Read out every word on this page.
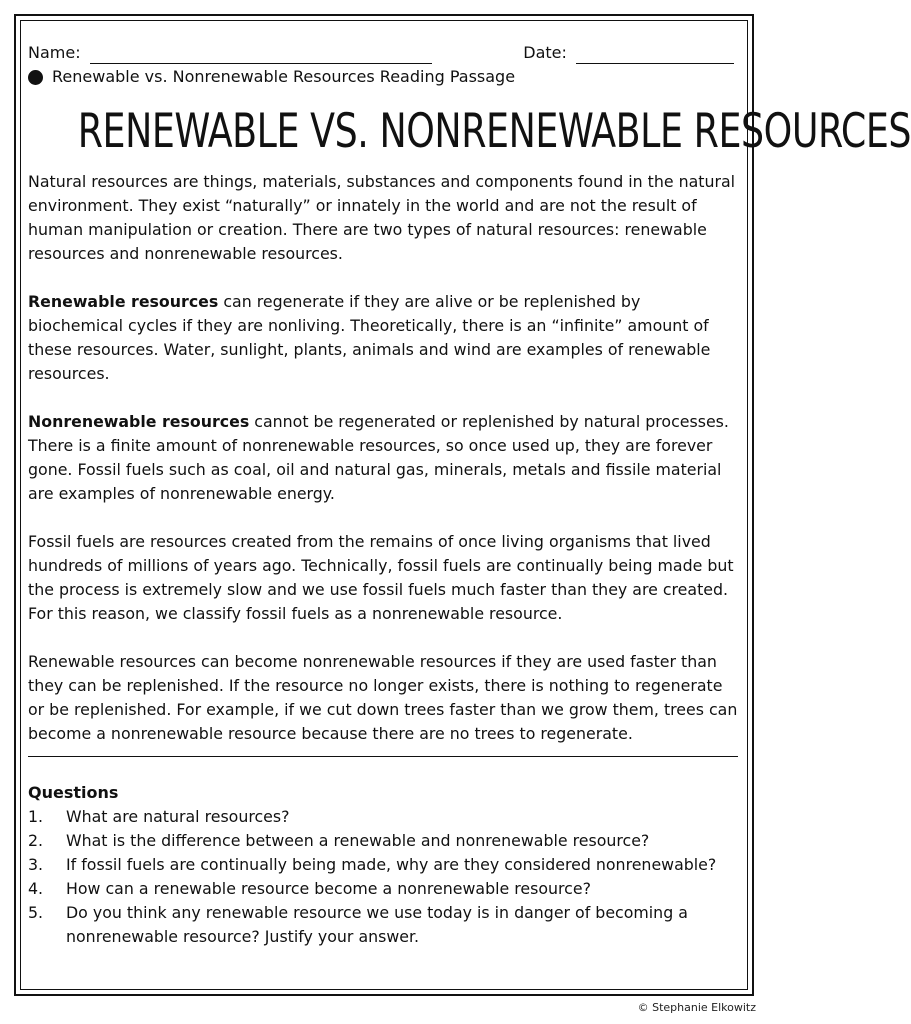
Name:	Date:
Renewable vs. Nonrenewable Resources Reading Passage
RENEWABLE VS. NONRENEWABLE RESOURCES

Natural resources are things, materials, substances and components found in the natural environment. They exist “naturally” or innately in the world and are not the result of human manipulation or creation. There are two types of natural resources: renewable resources and nonrenewable resources.

Renewable resources can regenerate if they are alive or be replenished by biochemical cycles if they are nonliving. Theoretically, there is an “infinite” amount of these resources. Water, sunlight, plants, animals and wind are examples of renewable resources.

Nonrenewable resources cannot be regenerated or replenished by natural processes. There is a finite amount of nonrenewable resources, so once used up, they are forever gone. Fossil fuels such as coal, oil and natural gas, minerals, metals and fissile material are examples of nonrenewable energy.

Fossil fuels are resources created from the remains of once living organisms that lived hundreds of millions of years ago. Technically, fossil fuels are continually being made but the process is extremely slow and we use fossil fuels much faster than they are created. For this reason, we classify fossil fuels as a nonrenewable resource.

Renewable resources can become nonrenewable resources if they are used faster than they can be replenished. If the resource no longer exists, there is nothing to regenerate or be replenished. For example, if we cut down trees faster than we grow them, trees can become a nonrenewable resource because there are no trees to regenerate.

Questions
1.	What are natural resources?
2.	What is the difference between a renewable and nonrenewable resource?
3.	If fossil fuels are continually being made, why are they considered nonrenewable?
4.	How can a renewable resource become a nonrenewable resource?
5.	Do you think any renewable resource we use today is in danger of becoming a nonrenewable resource? Justify your answer.
© Stephanie Elkowitz
